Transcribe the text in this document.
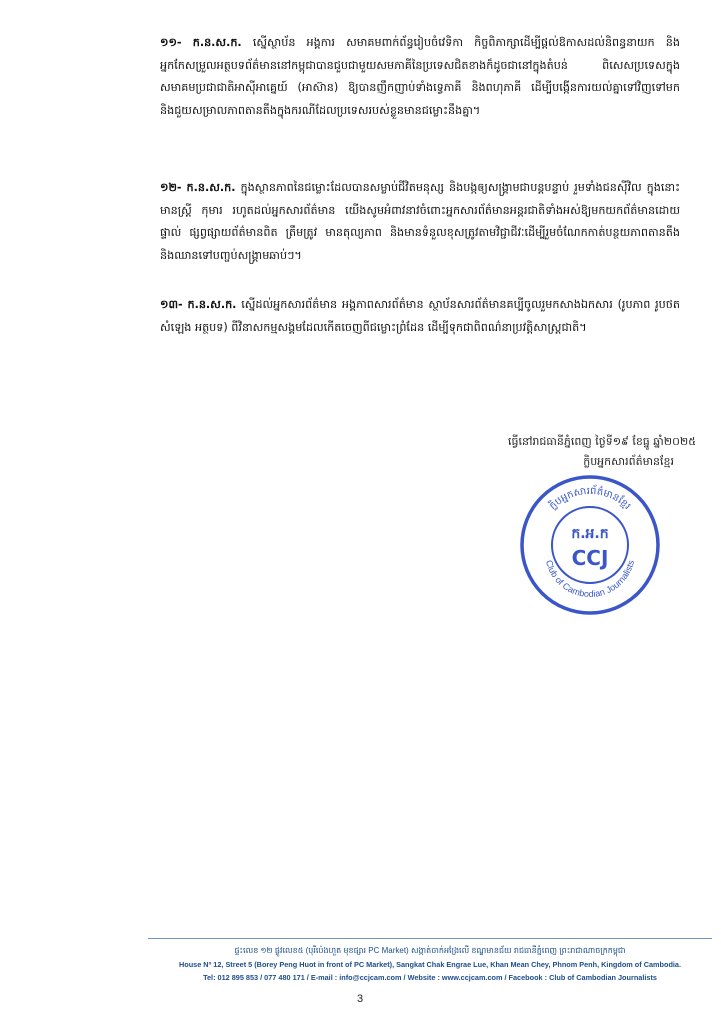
១១- ក.ន.ស.ក. ស្នើស្ថាប័ន អង្គការ សមាគមពាក់ព័ន្ធរៀបចំវេទិកា កិច្ចពិភាក្សាដើម្បីផ្ដល់ឱកាសដល់និពន្ធនាយក និងអ្នកកែសម្រួលអត្ថបទព័ត៌មាននៅកម្ពុជាបានជួបជាមួយសមភាគីនៃប្រទេសជិតខាងក៏ដូចជានៅក្នុងតំបន់ ពិសេសប្រទេសក្នុងសមាគមប្រជាជាតិអាស៊ីអាគ្នេយ៍ (អាស៊ាន) ឱ្យបានញឹកញាប់ទាំងទ្វេភាគី និងពហុភាគី ដើម្បីបង្កើនការយល់គ្នាទៅវិញទៅមក និងជួយសម្រាលភាពតានតឹងក្នុងករណីដែលប្រទេសរបស់ខ្លួនមានជម្លោះនឹងគ្នា។
១២- ក.ន.ស.ក. ក្នុងស្ថានភាពនៃជម្លោះដែលបានសម្លាប់ជីវិតមនុស្ស និងបង្កឲ្យសង្គ្រាមជាបន្តបន្ទាប់ រួមទាំងជនស៊ីវិល ក្នុងនោះមានស្ត្រី កុមារ រហូតដល់អ្នកសារព័ត៌មាន យើងសូមអំពាវនាវចំពោះអ្នកសារព័ត៌មានអន្តរជាតិទាំងអស់ឱ្យមកយកព័ត៌មានដោយផ្ទាល់ ផ្សព្វផ្សាយព័ត៌មានពិត ត្រឹមត្រូវ មានតុល្យភាព និងមានទំនួលខុសត្រូវតាមវិជ្ជាជីវៈដើម្បីរួមចំណែកកាត់បន្ថយភាពតានតឹង និងឈានទៅបញ្ចប់សង្គ្រាមឆាប់ៗ។
១៣- ក.ន.ស.ក. ស្នើដល់អ្នកសារព័ត៌មាន អង្គភាពសារព័ត៌មាន ស្ថាប័នសារព័ត៌មានគប្បីចូលរួមកសាងឯកសារ (រូបភាព រូបថត សំឡេង អត្ថបទ) ពីវិនាសកម្មសង្គមដែលកើតចេញពីជម្លោះព្រំដែន ដើម្បីទុកជាពិពណ៌នាប្រវត្តិសាស្ត្រជាតិ។
ធ្វើនៅរាជធានីភ្នំពេញ ថ្ងៃទី១៩ ខែធ្នូ ឆ្នាំ២០២៥
ក្លិបអ្នកសារព័ត៌មានខ្មែរ
ក្លិបអ្នកសារព័ត៌មានខ្មែរ
Club of Cambodian Journalists
ក.អ.ក
CCJ
ផ្ទះលេខ ១២ ផ្លូវលេខ៥ (បុរីប៉េងហួត មុខផ្សារ PC Market) សង្កាត់ចាក់អង្រែលើ ខណ្ឌមានជ័យ រាជធានីភ្នំពេញ ព្រះរាជាណាចក្រកម្ពុជា
House Nº 12, Street 5 (Borey Peng Huot in front of PC Market), Sangkat Chak Engrae Lue, Khan Mean Chey, Phnom Penh, Kingdom of Cambodia.
Tel: 012 895 853 / 077 480 171 / E-mail : info@ccjcam.com / Website : www.ccjcam.com / Facebook : Club of Cambodian Journalists
3
